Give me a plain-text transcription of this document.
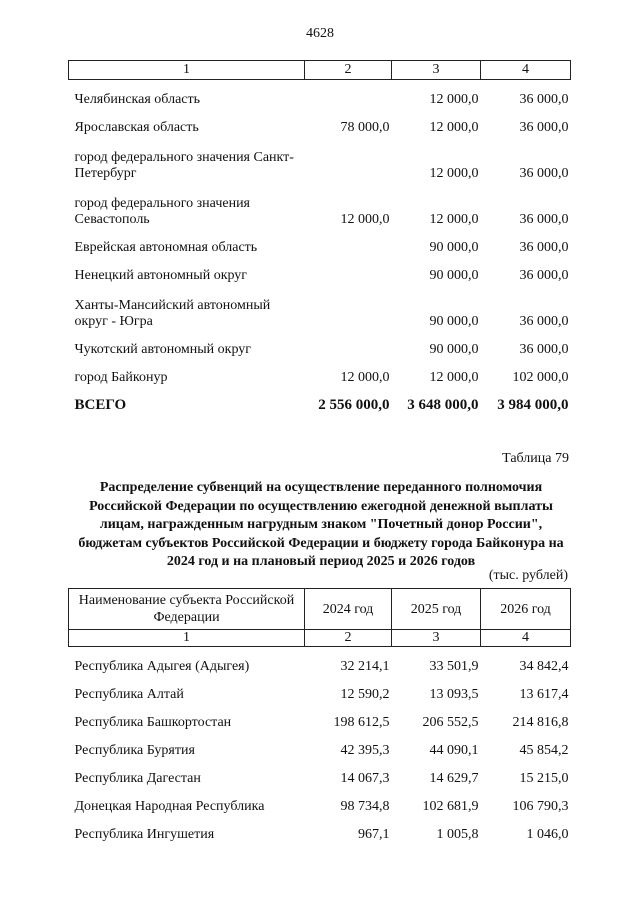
4628
1	2	3	4
Челябинская область		12 000,0	36 000,0
Ярославская область	78 000,0	12 000,0	36 000,0
город федерального значения Санкт-Петербург		12 000,0	36 000,0
город федерального значения Севастополь	12 000,0	12 000,0	36 000,0
Еврейская автономная область		90 000,0	36 000,0
Ненецкий автономный округ		90 000,0	36 000,0
Ханты-Мансийский автономный округ - Югра		90 000,0	36 000,0
Чукотский автономный округ		90 000,0	36 000,0
город Байконур	12 000,0	12 000,0	102 000,0
ВСЕГО	2 556 000,0	3 648 000,0	3 984 000,0
Таблица 79
Распределение субвенций на осуществление переданного полномочия Российской Федерации по осуществлению ежегодной денежной выплаты лицам, награжденным нагрудным знаком "Почетный донор России", бюджетам субъектов Российской Федерации и бюджету города Байконура на 2024 год и на плановый период 2025 и 2026 годов
(тыс. рублей)
Наименование субъекта Российской Федерации	2024 год	2025 год	2026 год
1	2	3	4
Республика Адыгея (Адыгея)	32 214,1	33 501,9	34 842,4
Республика Алтай	12 590,2	13 093,5	13 617,4
Республика Башкортостан	198 612,5	206 552,5	214 816,8
Республика Бурятия	42 395,3	44 090,1	45 854,2
Республика Дагестан	14 067,3	14 629,7	15 215,0
Донецкая Народная Республика	98 734,8	102 681,9	106 790,3
Республика Ингушетия	967,1	1 005,8	1 046,0
